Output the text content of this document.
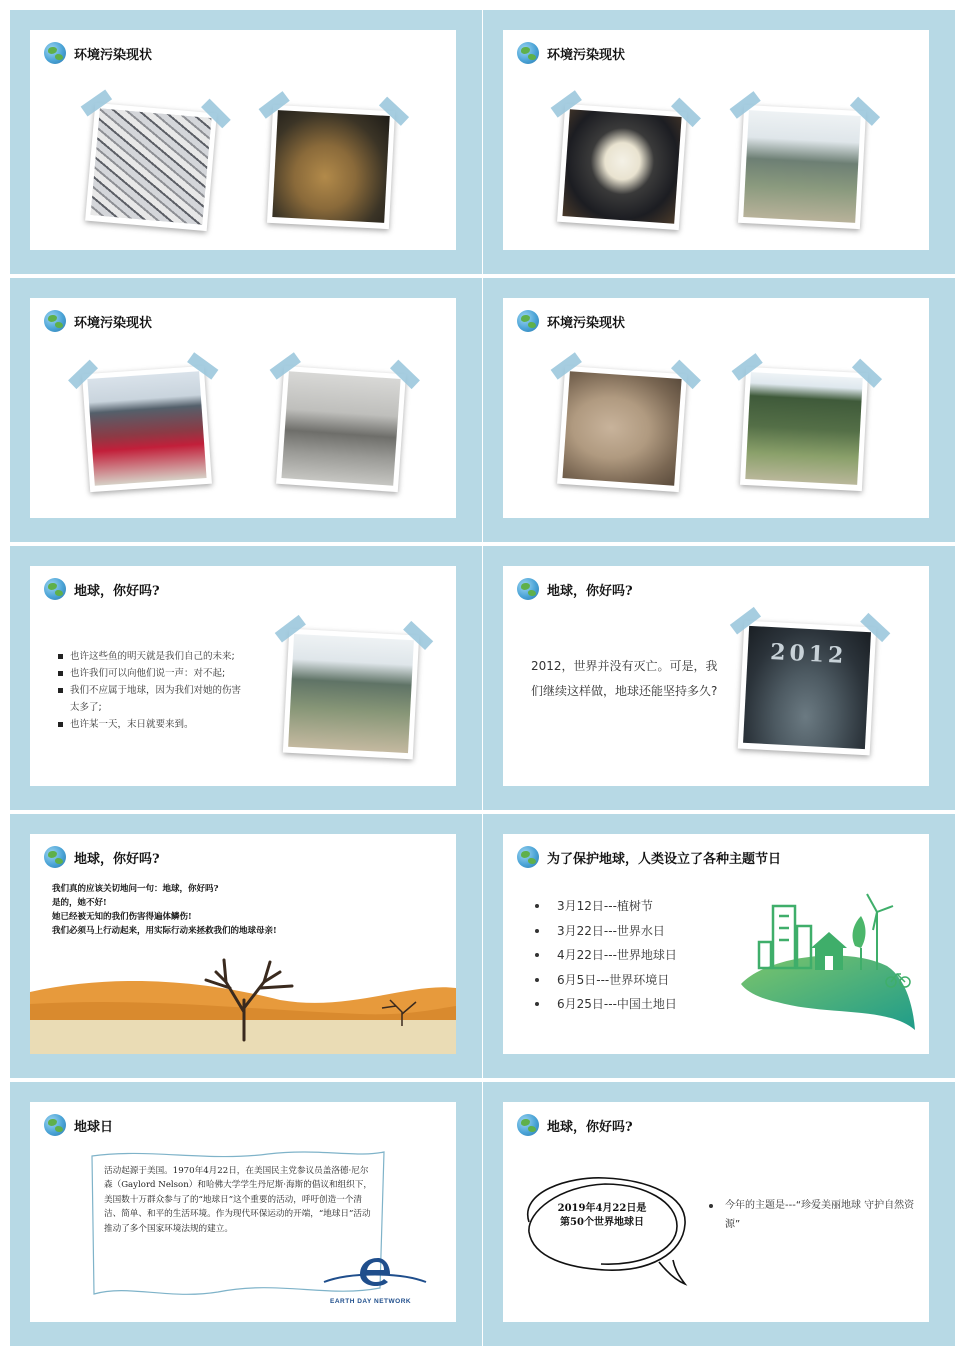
环境污染现状	环境污染现状
环境污染现状	环境污染现状
地球，你好吗?
也许这些鱼的明天就是我们自己的未来;
也许我们可以向他们说一声：对不起;
我们不应属于地球，因为我们对她的伤害太多了;
也许某一天，末日就要来到。
地球，你好吗?
2012，世界并没有灭亡。可是，我们继续这样做，地球还能坚持多久?
2012
地球，你好吗?
我们真的应该关切地问一句：地球，你好吗?
是的，她不好!
她已经被无知的我们伤害得遍体鳞伤!
我们必须马上行动起来，用实际行动来拯救我们的地球母亲!
为了保护地球，人类设立了各种主题节日
3月12日---植树节
3月22日---世界水日
4月22日---世界地球日
6月5日---世界环境日
6月25日---中国土地日
地球日
活动起源于美国。1970年4月22日，在美国民主党参议员盖洛德·尼尔森（Gaylord Nelson）和哈佛大学学生丹尼斯·海斯的倡议和组织下，美国数十万群众参与了的“地球日”这个重要的活动，呼吁创造一个清洁、简单、和平的生活环境。作为现代环保运动的开端，“地球日”活动推动了多个国家环境法规的建立。
EARTH DAY NETWORK
地球，你好吗?
2019年4月22日是第50个世界地球日
今年的主题是---“珍爱美丽地球 守护自然资源”
